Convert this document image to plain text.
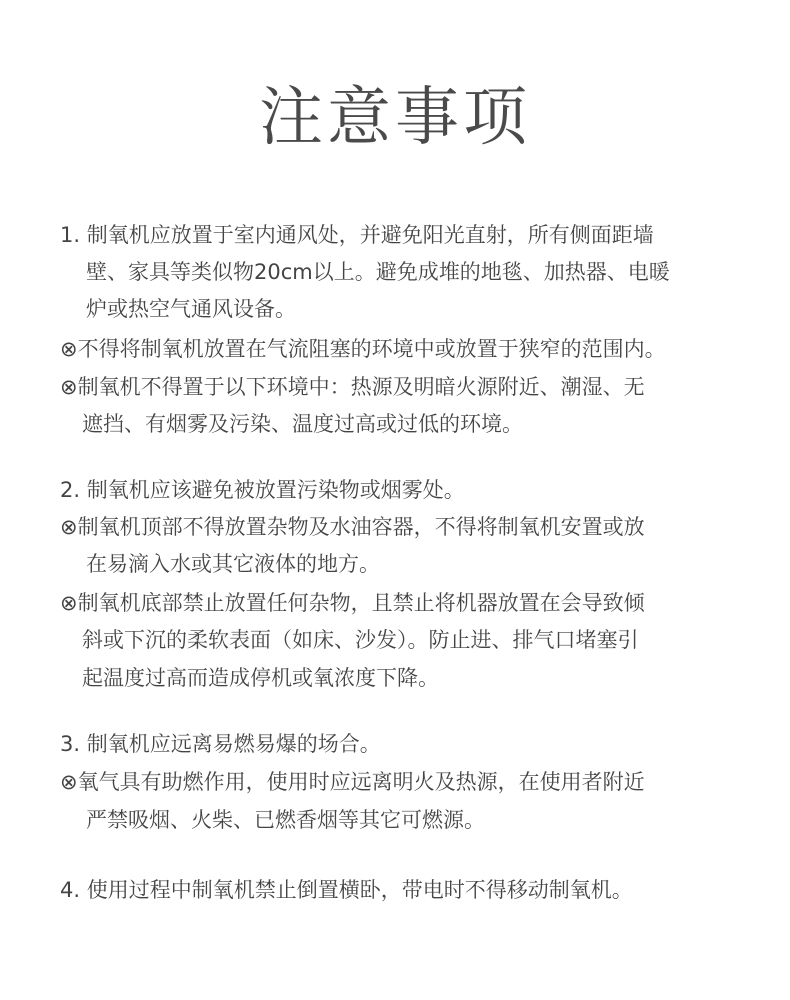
注意事项
1. 制氧机应放置于室内通风处，并避免阳光直射，所有侧面距墙
壁、家具等类似物20cm以上。避免成堆的地毯、加热器、电暖
炉或热空气通风设备。
⊗不得将制氧机放置在气流阻塞的环境中或放置于狭窄的范围内。
⊗制氧机不得置于以下环境中：热源及明暗火源附近、潮湿、无
遮挡、有烟雾及污染、温度过高或过低的环境。
2. 制氧机应该避免被放置污染物或烟雾处。
⊗制氧机顶部不得放置杂物及水油容器，不得将制氧机安置或放
在易滴入水或其它液体的地方。
⊗制氧机底部禁止放置任何杂物，且禁止将机器放置在会导致倾
斜或下沉的柔软表面（如床、沙发）。防止进、排气口堵塞引
起温度过高而造成停机或氧浓度下降。
3. 制氧机应远离易燃易爆的场合。
⊗氧气具有助燃作用，使用时应远离明火及热源，在使用者附近
严禁吸烟、火柴、已燃香烟等其它可燃源。
4. 使用过程中制氧机禁止倒置横卧，带电时不得移动制氧机。
